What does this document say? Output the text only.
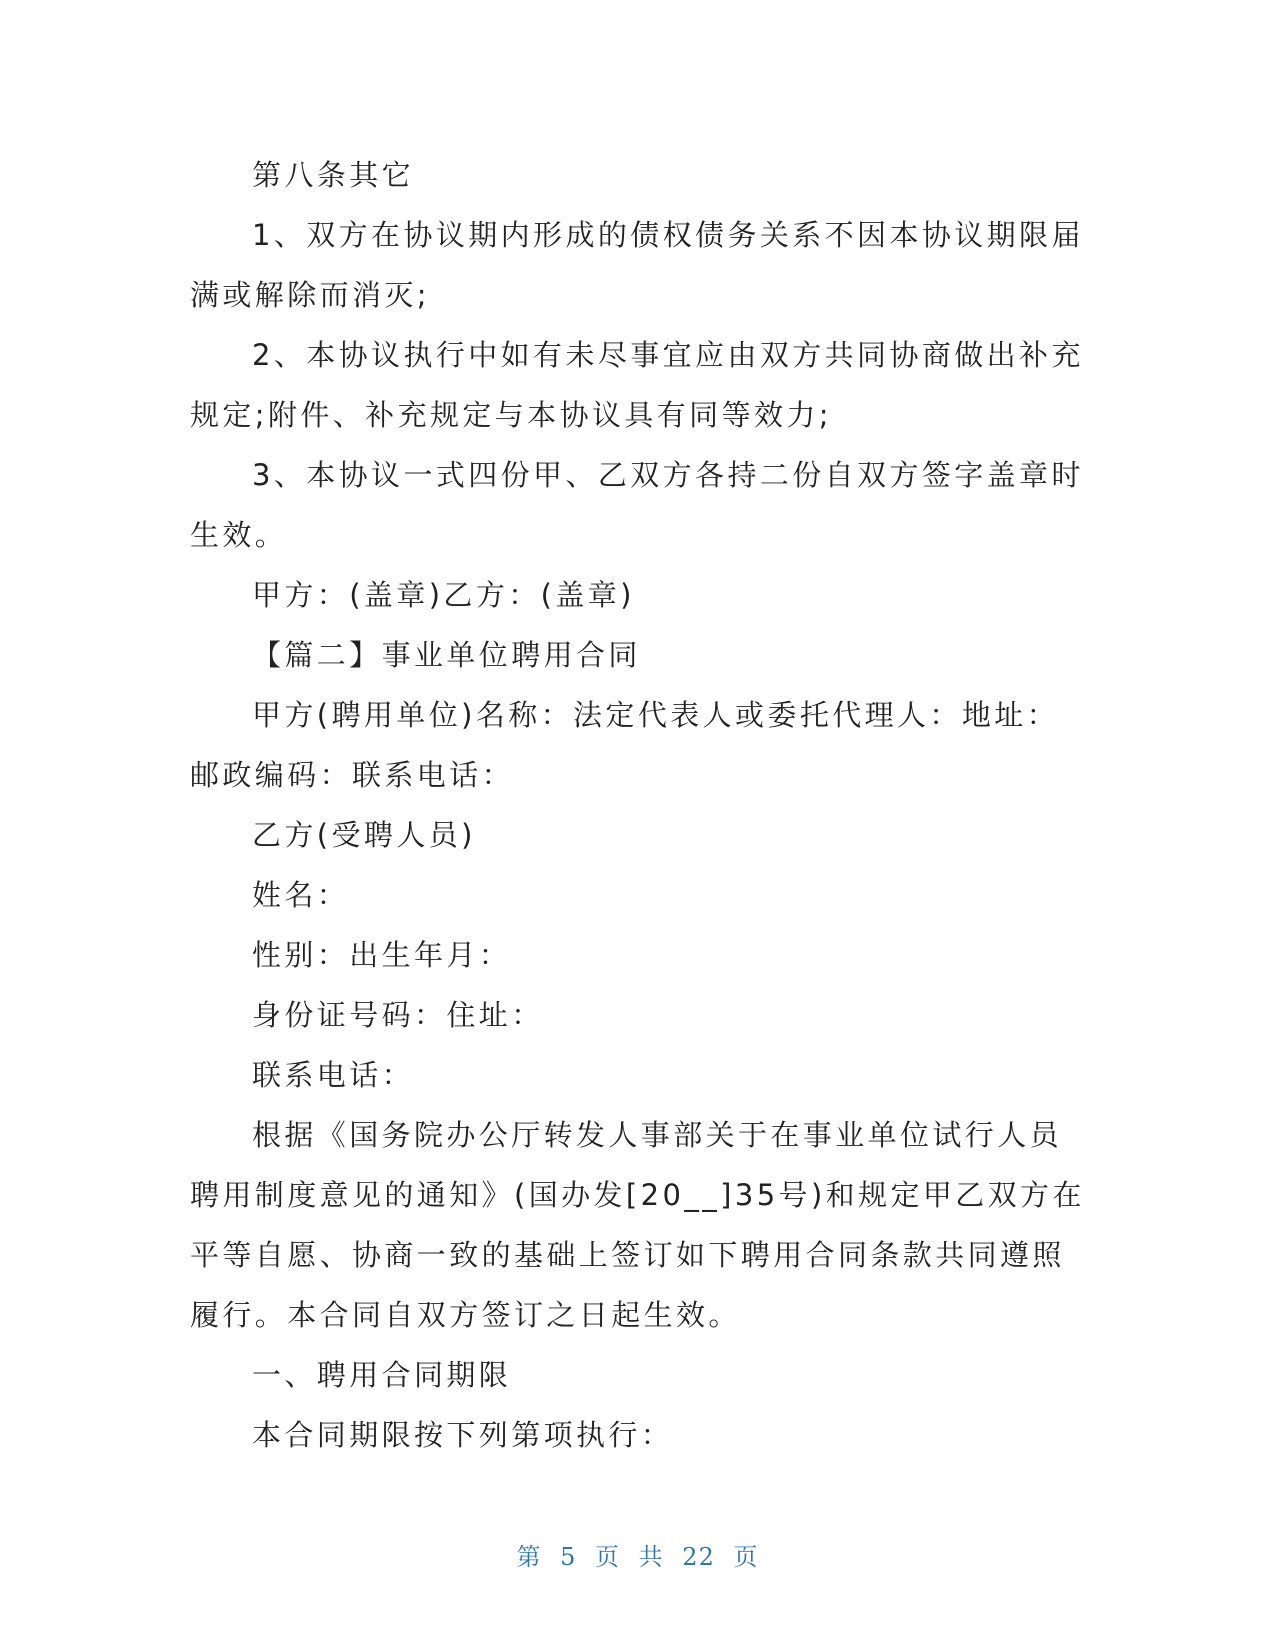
第八条其它

1、双方在协议期内形成的债权债务关系不因本协议期限届满或解除而消灭;

2、本协议执行中如有未尽事宜应由双方共同协商做出补充规定;附件、补充规定与本协议具有同等效力;

3、本协议一式四份甲、乙双方各持二份自双方签字盖章时生效。

甲方：(盖章)乙方：(盖章)

【篇二】事业单位聘用合同

甲方(聘用单位)名称：法定代表人或委托代理人：地址：邮政编码：联系电话：

乙方(受聘人员)

姓名：

性别：出生年月：

身份证号码：住址：

联系电话：

根据《国务院办公厅转发人事部关于在事业单位试行人员聘用制度意见的通知》(国办发[20__]35号)和规定甲乙双方在平等自愿、协商一致的基础上签订如下聘用合同条款共同遵照履行。本合同自双方签订之日起生效。

一、聘用合同期限

本合同期限按下列第项执行：

第 5 页 共 22 页
